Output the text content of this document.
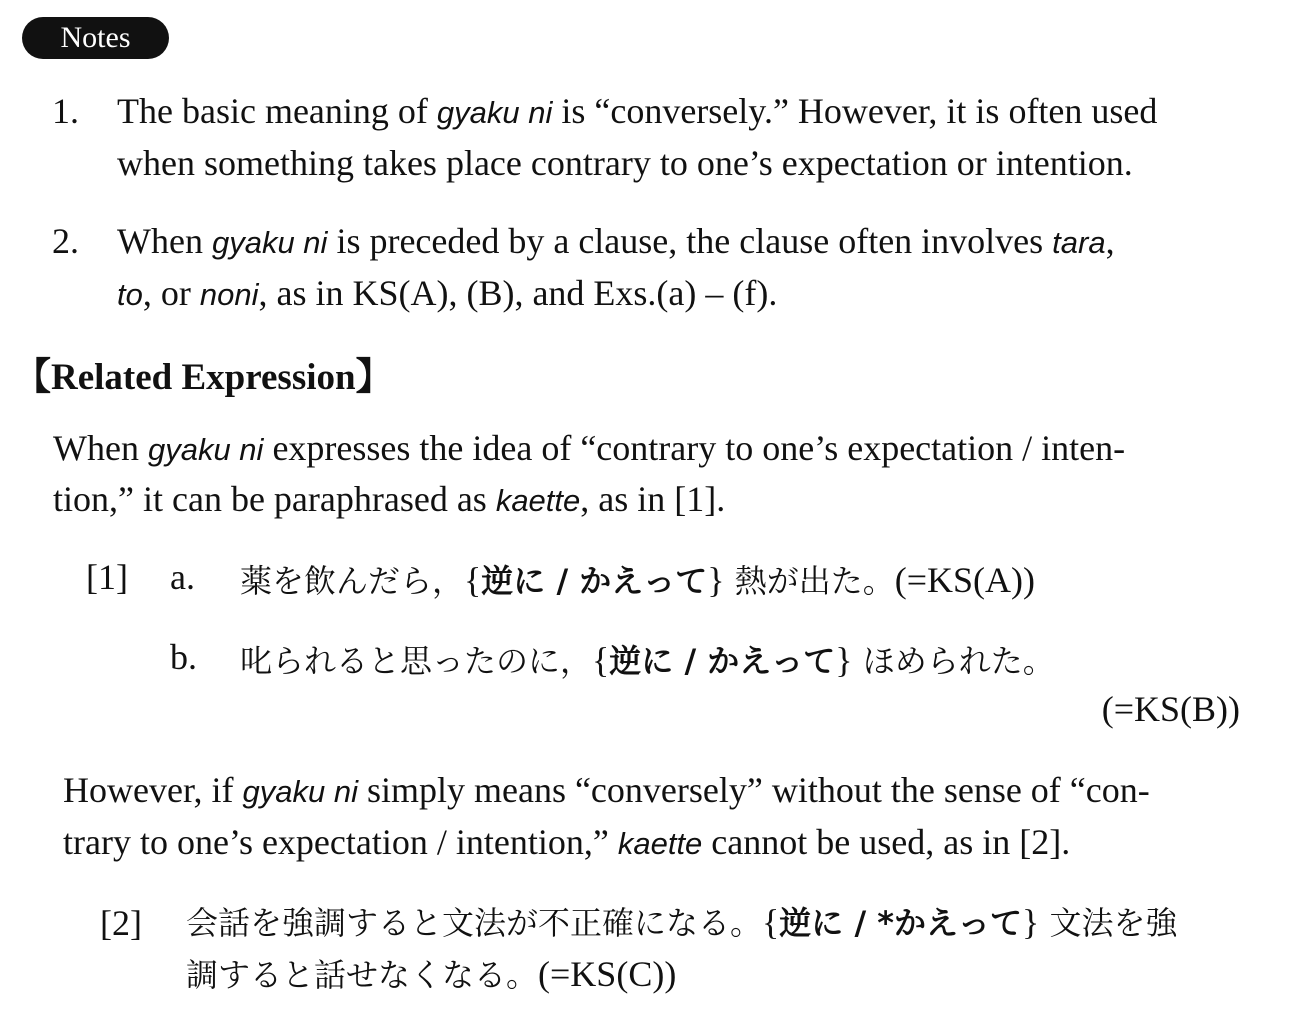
Notes
1. The basic meaning of gyaku ni is “conversely.” However, it is often used
when something takes place contrary to one’s expectation or intention.
2. When gyaku ni is preceded by a clause, the clause often involves tara,
to, or noni, as in KS(A), (B), and Exs.(a) – (f).
【Related Expression】
When gyaku ni expresses the idea of “contrary to one’s expectation / inten-
tion,” it can be paraphrased as kaette, as in [1].
[1] a. 薬を飲んだら，{逆に / かえって} 熱が出た。(=KS(A))
b. 叱られると思ったのに，{逆に / かえって} ほめられた。
(=KS(B))
However, if gyaku ni simply means “conversely” without the sense of “con-
trary to one’s expectation / intention,” kaette cannot be used, as in [2].
[2] 会話を強調すると文法が不正確になる。{逆に / *かえって} 文法を強
調すると話せなくなる。(=KS(C))
